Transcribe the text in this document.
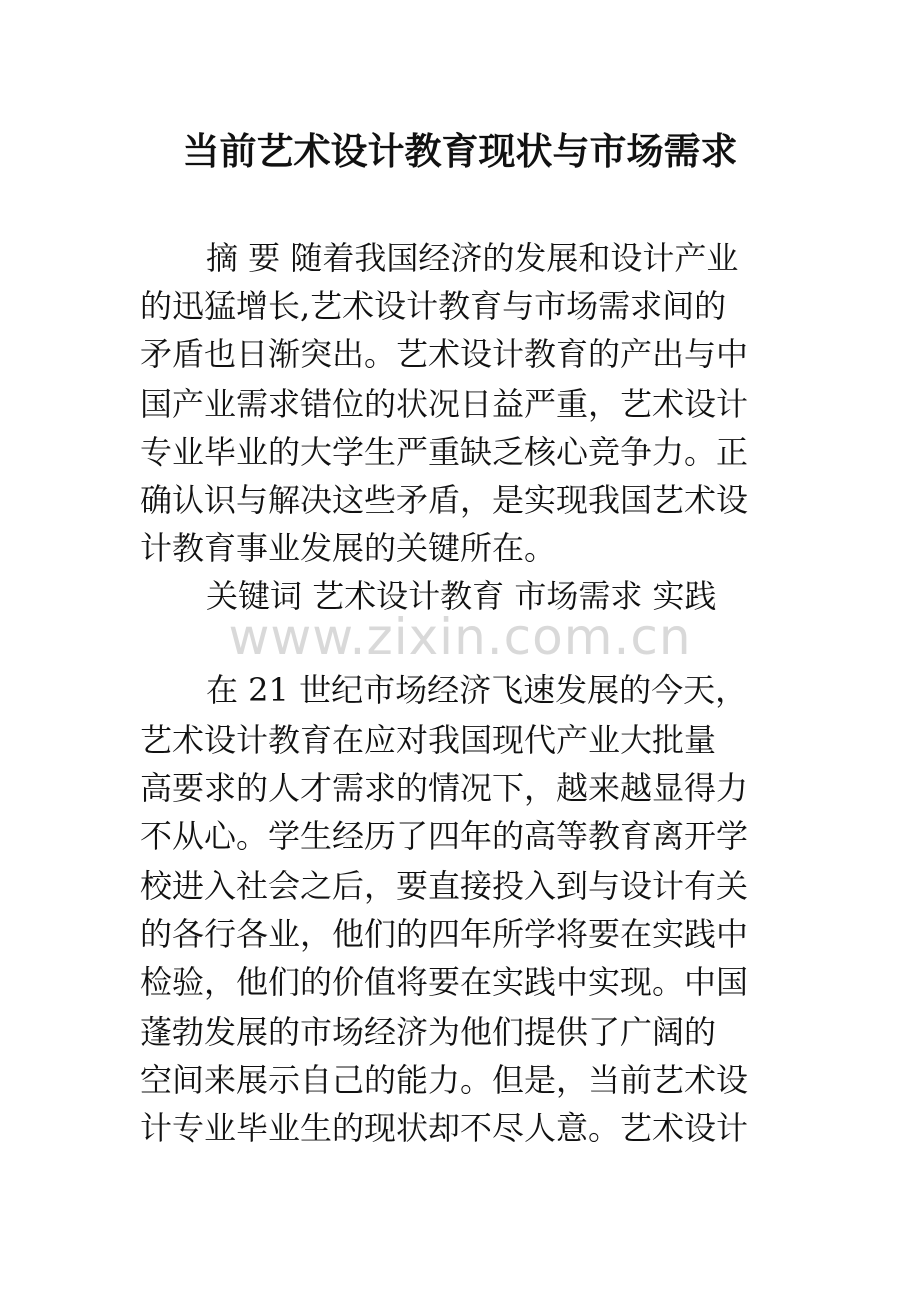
当前艺术设计教育现状与市场需求
摘 要 随着我国经济的发展和设计产业
的迅猛增长,艺术设计教育与市场需求间的
矛盾也日渐突出。艺术设计教育的产出与中
国产业需求错位的状况日益严重，艺术设计
专业毕业的大学生严重缺乏核心竞争力。正
确认识与解决这些矛盾，是实现我国艺术设
计教育事业发展的关键所在。
关键词 艺术设计教育 市场需求 实践
www.zixin.com.cn
在 21 世纪市场经济飞速发展的今天，
艺术设计教育在应对我国现代产业大批量
高要求的人才需求的情况下，越来越显得力
不从心。学生经历了四年的高等教育离开学
校进入社会之后，要直接投入到与设计有关
的各行各业，他们的四年所学将要在实践中
检验，他们的价值将要在实践中实现。中国
蓬勃发展的市场经济为他们提供了广阔的
空间来展示自己的能力。但是，当前艺术设
计专业毕业生的现状却不尽人意。艺术设计
